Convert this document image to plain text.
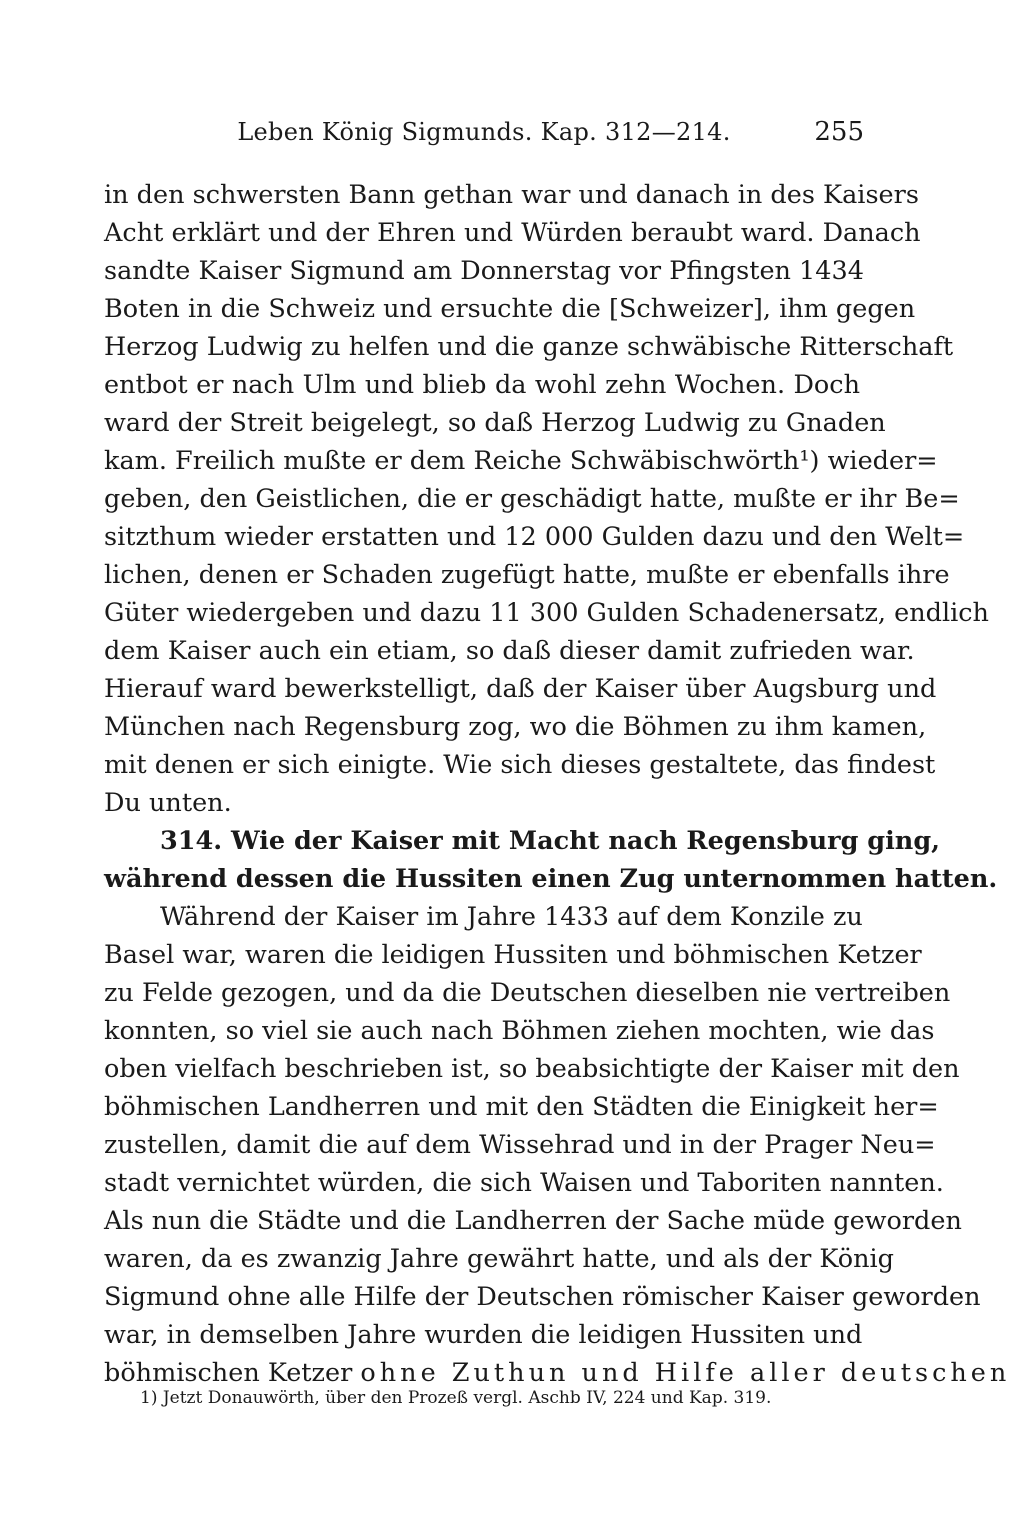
Leben König Sigmunds. Kap. 312—214.	255
in den schwersten Bann gethan war und danach in des Kaisers
Acht erklärt und der Ehren und Würden beraubt ward. Danach
sandte Kaiser Sigmund am Donnerstag vor Pfingsten 1434
Boten in die Schweiz und ersuchte die [Schweizer], ihm gegen
Herzog Ludwig zu helfen und die ganze schwäbische Ritterschaft
entbot er nach Ulm und blieb da wohl zehn Wochen. Doch
ward der Streit beigelegt, so daß Herzog Ludwig zu Gnaden
kam. Freilich mußte er dem Reiche Schwäbischwörth¹) wieder=
geben, den Geistlichen, die er geschädigt hatte, mußte er ihr Be=
sitzthum wieder erstatten und 12 000 Gulden dazu und den Welt=
lichen, denen er Schaden zugefügt hatte, mußte er ebenfalls ihre
Güter wiedergeben und dazu 11 300 Gulden Schadenersatz, endlich
dem Kaiser auch ein etiam, so daß dieser damit zufrieden war.
Hierauf ward bewerkstelligt, daß der Kaiser über Augsburg und
München nach Regensburg zog, wo die Böhmen zu ihm kamen,
mit denen er sich einigte. Wie sich dieses gestaltete, das findest
Du unten.
314. Wie der Kaiser mit Macht nach Regensburg ging,
während dessen die Hussiten einen Zug unternommen hatten.
Während der Kaiser im Jahre 1433 auf dem Konzile zu
Basel war, waren die leidigen Hussiten und böhmischen Ketzer
zu Felde gezogen, und da die Deutschen dieselben nie vertreiben
konnten, so viel sie auch nach Böhmen ziehen mochten, wie das
oben vielfach beschrieben ist, so beabsichtigte der Kaiser mit den
böhmischen Landherren und mit den Städten die Einigkeit her=
zustellen, damit die auf dem Wissehrad und in der Prager Neu=
stadt vernichtet würden, die sich Waisen und Taboriten nannten.
Als nun die Städte und die Landherren der Sache müde geworden
waren, da es zwanzig Jahre gewährt hatte, und als der König
Sigmund ohne alle Hilfe der Deutschen römischer Kaiser geworden
war, in demselben Jahre wurden die leidigen Hussiten und
böhmischen Ketzer ohne Zuthun und Hilfe aller deutschen
1) Jetzt Donauwörth, über den Prozeß vergl. Aschb IV, 224 und Kap. 319.
